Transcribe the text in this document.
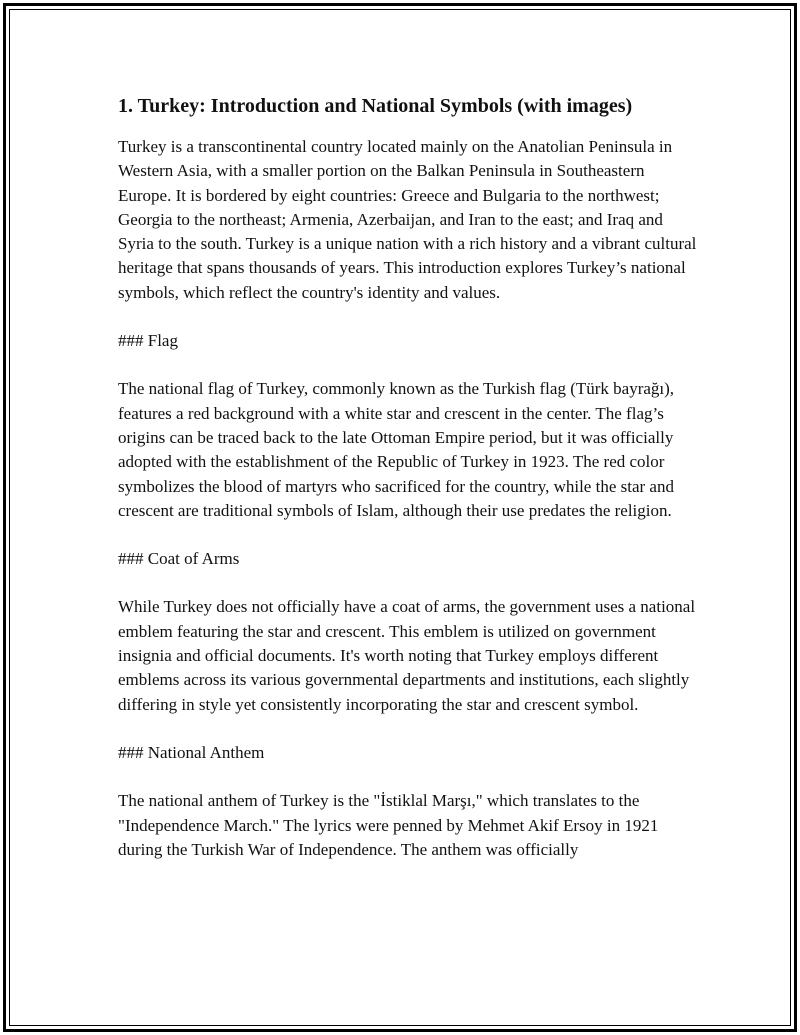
1. Turkey: Introduction and National Symbols (with images)

Turkey is a transcontinental country located mainly on the Anatolian Peninsula in Western Asia, with a smaller portion on the Balkan Peninsula in Southeastern Europe. It is bordered by eight countries: Greece and Bulgaria to the northwest; Georgia to the northeast; Armenia, Azerbaijan, and Iran to the east; and Iraq and Syria to the south. Turkey is a unique nation with a rich history and a vibrant cultural heritage that spans thousands of years. This introduction explores Turkey’s national symbols, which reflect the country's identity and values.

### Flag

The national flag of Turkey, commonly known as the Turkish flag (Türk bayrağı), features a red background with a white star and crescent in the center. The flag’s origins can be traced back to the late Ottoman Empire period, but it was officially adopted with the establishment of the Republic of Turkey in 1923. The red color symbolizes the blood of martyrs who sacrificed for the country, while the star and crescent are traditional symbols of Islam, although their use predates the religion.

### Coat of Arms

While Turkey does not officially have a coat of arms, the government uses a national emblem featuring the star and crescent. This emblem is utilized on government insignia and official documents. It's worth noting that Turkey employs different emblems across its various governmental departments and institutions, each slightly differing in style yet consistently incorporating the star and crescent symbol.

### National Anthem

The national anthem of Turkey is the "İstiklal Marşı," which translates to the "Independence March." The lyrics were penned by Mehmet Akif Ersoy in 1921 during the Turkish War of Independence. The anthem was officially
